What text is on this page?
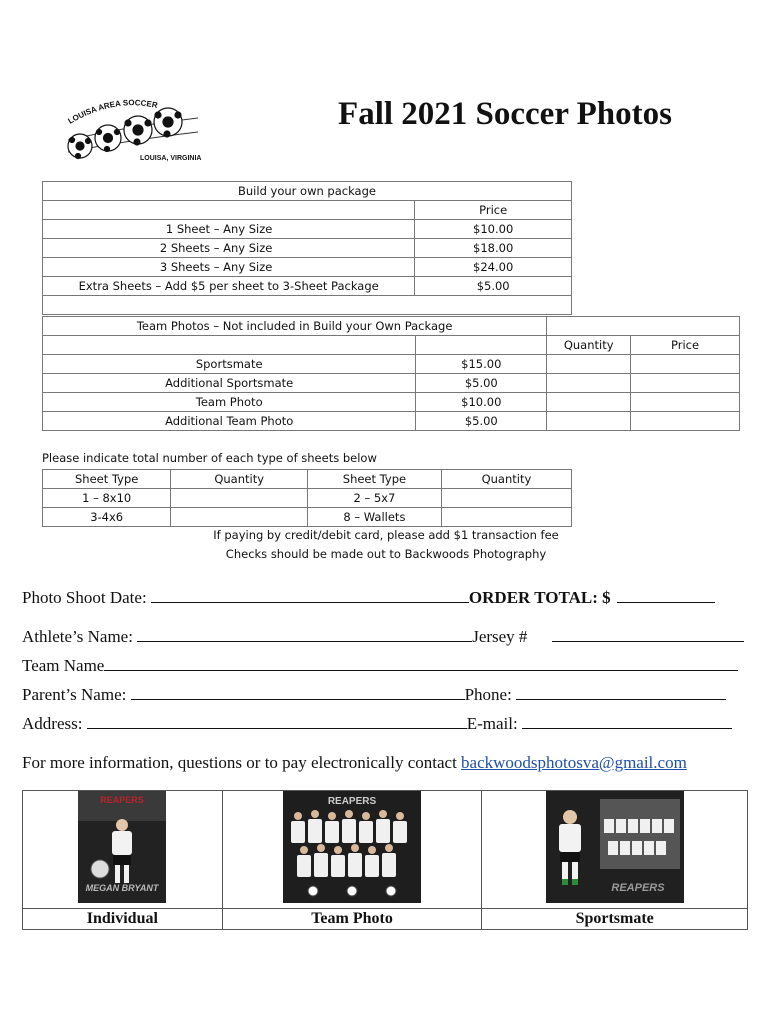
LOUISA AREA SOCCER
LOUISA, VIRGINIA
Fall 2021 Soccer Photos
Build your own package	
	Price
1 Sheet – Any Size	$10.00
2 Sheets – Any Size	$18.00
3 Sheets – Any Size	$24.00
Extra Sheets – Add $5 per sheet to 3-Sheet Package	$5.00

Team Photos – Not included in Build your Own Package			
		Quantity	Price
Sportsmate	$15.00		
Additional Sportsmate	$5.00		
Team Photo	$10.00		
Additional Team Photo	$5.00		
Please indicate total number of each type of sheets below
Sheet Type	Quantity	Sheet Type	Quantity
1 – 8x10		2 – 5x7	
3-4x6		8 – Wallets	
If paying by credit/debit card, please add $1 transaction fee
Checks should be made out to Backwoods Photography
Photo Shoot Date:	ORDER TOTAL: $
Athlete’s Name:	Jersey #
Team Name
Parent’s Name:	Phone:
Address:	E-mail:
For more information, questions or to pay electronically contact backwoodsphotosva@gmail.com
REAPERS
MEGAN BRYANT	REAPERS	REAPERS

Individual	Team Photo	Sportsmate
